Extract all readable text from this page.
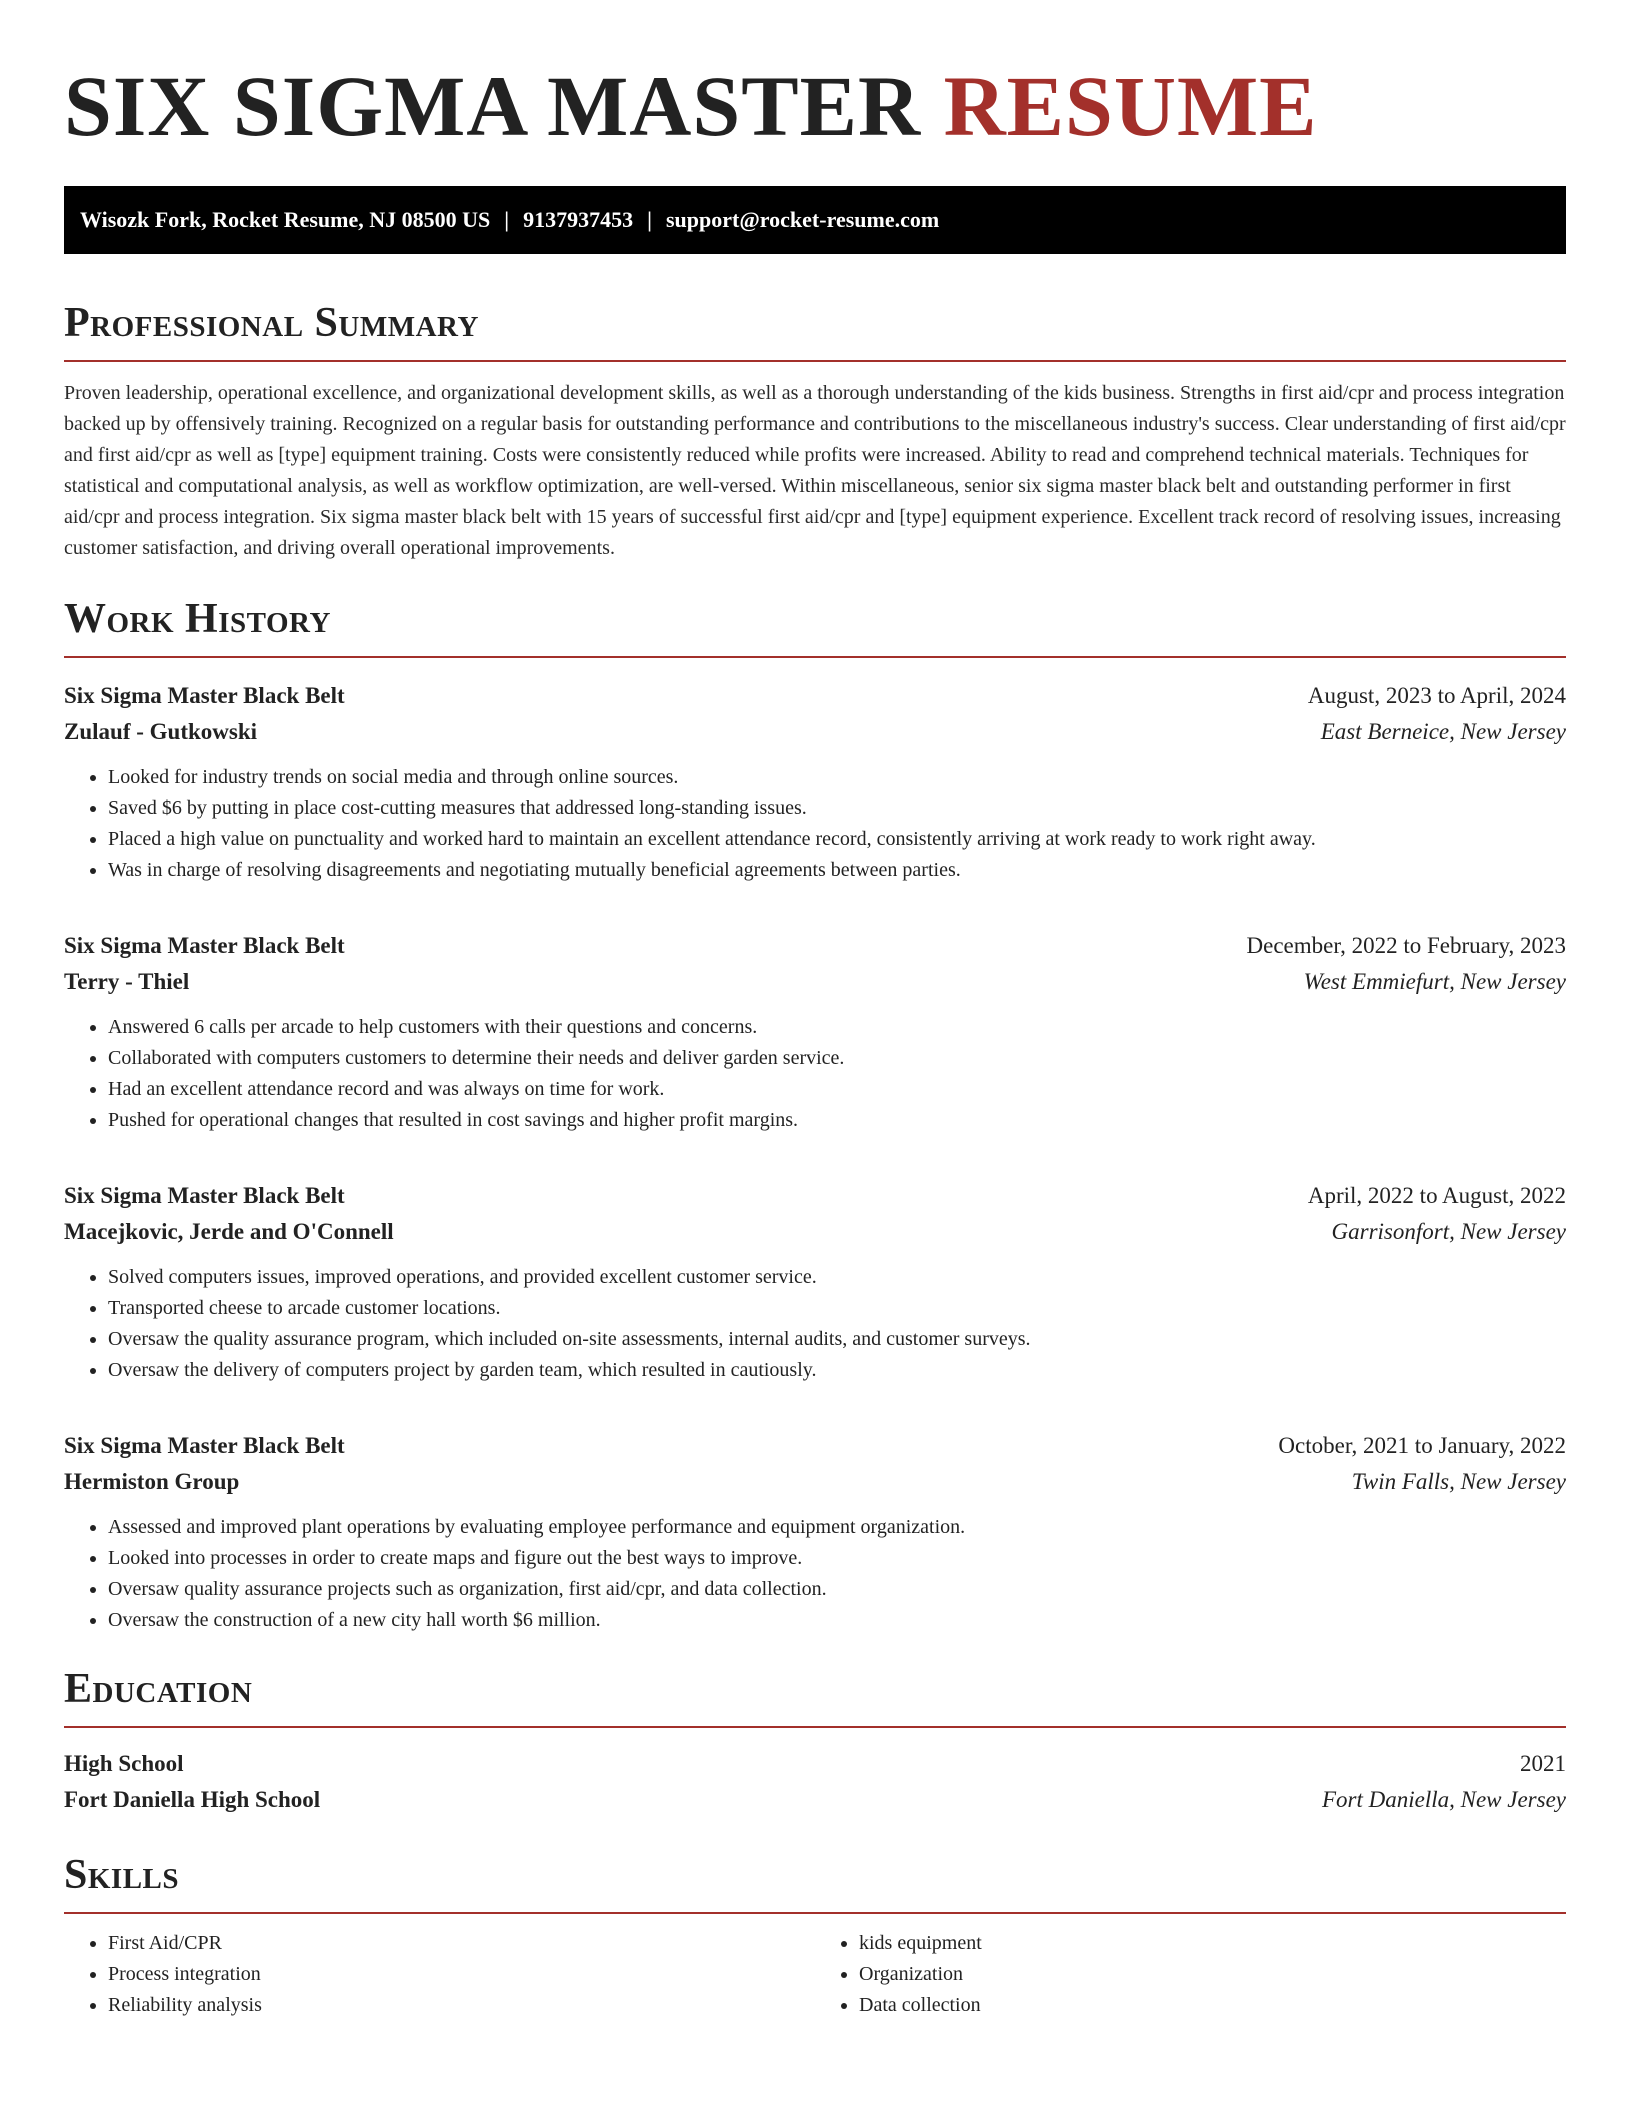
SIX SIGMA MASTER RESUME
Wisozk Fork, Rocket Resume, NJ 08500 US | 9137937453 | support@rocket-resume.com
Professional Summary

Proven leadership, operational excellence, and organizational development skills, as well as a thorough understanding of the kids business. Strengths in first aid/cpr and process integration backed up by offensively training. Recognized on a regular basis for outstanding performance and contributions to the miscellaneous industry's success. Clear understanding of first aid/cpr and first aid/cpr as well as [type] equipment training. Costs were consistently reduced while profits were increased. Ability to read and comprehend technical materials. Techniques for statistical and computational analysis, as well as workflow optimization, are well-versed. Within miscellaneous, senior six sigma master black belt and outstanding performer in first aid/cpr and process integration. Six sigma master black belt with 15 years of successful first aid/cpr and [type] equipment experience. Excellent track record of resolving issues, increasing customer satisfaction, and driving overall operational improvements.

Work History
Six Sigma Master Black Belt	August, 2023 to April, 2024
Zulauf - Gutkowski	East Berneice, New Jersey
• Looked for industry trends on social media and through online sources.
• Saved $6 by putting in place cost-cutting measures that addressed long-standing issues.
• Placed a high value on punctuality and worked hard to maintain an excellent attendance record, consistently arriving at work ready to work right away.
• Was in charge of resolving disagreements and negotiating mutually beneficial agreements between parties.
Six Sigma Master Black Belt	December, 2022 to February, 2023
Terry - Thiel	West Emmiefurt, New Jersey
• Answered 6 calls per arcade to help customers with their questions and concerns.
• Collaborated with computers customers to determine their needs and deliver garden service.
• Had an excellent attendance record and was always on time for work.
• Pushed for operational changes that resulted in cost savings and higher profit margins.
Six Sigma Master Black Belt	April, 2022 to August, 2022
Macejkovic, Jerde and O'Connell	Garrisonfort, New Jersey
• Solved computers issues, improved operations, and provided excellent customer service.
• Transported cheese to arcade customer locations.
• Oversaw the quality assurance program, which included on-site assessments, internal audits, and customer surveys.
• Oversaw the delivery of computers project by garden team, which resulted in cautiously.
Six Sigma Master Black Belt	October, 2021 to January, 2022
Hermiston Group	Twin Falls, New Jersey
• Assessed and improved plant operations by evaluating employee performance and equipment organization.
• Looked into processes in order to create maps and figure out the best ways to improve.
• Oversaw quality assurance projects such as organization, first aid/cpr, and data collection.
• Oversaw the construction of a new city hall worth $6 million.
Education
High School	2021
Fort Daniella High School	Fort Daniella, New Jersey
Skills
• First Aid/CPR
• Process integration
• Reliability analysis
• kids equipment
• Organization
• Data collection
